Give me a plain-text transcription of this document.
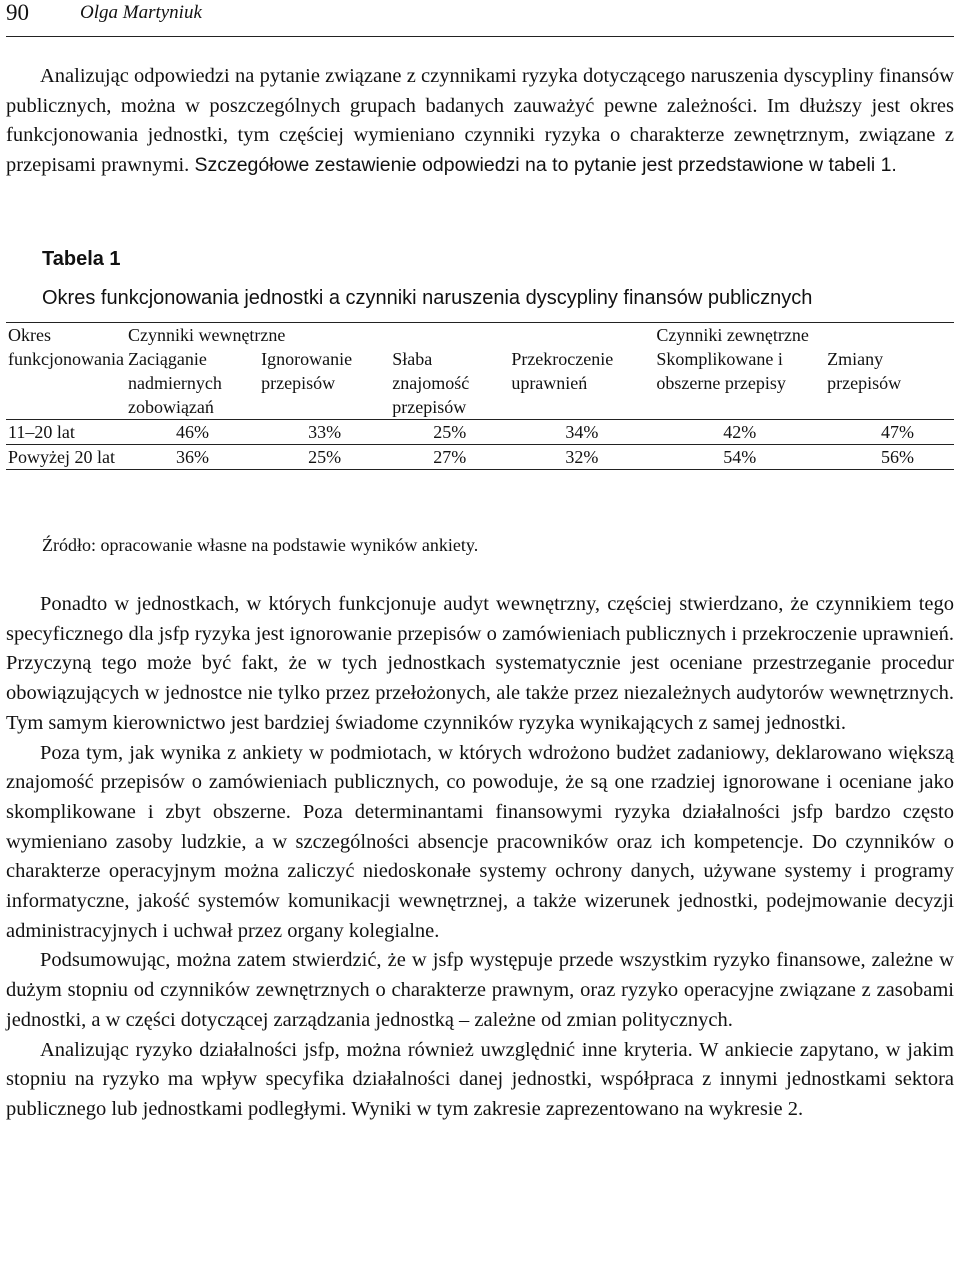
90	Olga Martyniuk

Analizując odpowiedzi na pytanie związane z czynnikami ryzyka dotyczącego naruszenia dyscypliny finansów publicznych, można w poszczególnych grupach badanych zauważyć pewne zależności. Im dłuższy jest okres funkcjonowania jednostki, tym częściej wymieniano czynniki ryzyka o charakterze zewnętrznym, związane z przepisami prawnymi. Szczegółowe zestawienie odpowiedzi na to pytanie jest przedstawione w tabeli 1.

Tabela 1
Okres funkcjonowania jednostki a czynniki naruszenia dyscypliny finansów publicznych
Okres funkcjonowania	Czynniki wewnętrzne				Czynniki zewnętrzne	
	Zaciąganie nadmiernych zobowiązań	Ignorowanie przepisów	Słaba znajomość przepisów	Przekroczenie uprawnień	Skomplikowane i obszerne przepisy	Zmiany przepisów
11–20 lat	46%	33%	25%	34%	42%	47%
Powyżej 20 lat	36%	25%	27%	32%	54%	56%
Źródło: opracowanie własne na podstawie wyników ankiety.

Ponadto w jednostkach, w których funkcjonuje audyt wewnętrzny, częściej stwierdzano, że czynnikiem tego specyficznego dla jsfp ryzyka jest ignorowanie przepisów o zamówieniach publicznych i przekroczenie uprawnień. Przyczyną tego może być fakt, że w tych jednostkach systematycznie jest oceniane przestrzeganie procedur obowiązujących w jednostce nie tylko przez przełożonych, ale także przez niezależnych audytorów wewnętrznych. Tym samym kierownictwo jest bardziej świadome czynników ryzyka wynikających z samej jednostki.

Poza tym, jak wynika z ankiety w podmiotach, w których wdrożono budżet zadaniowy, deklarowano większą znajomość przepisów o zamówieniach publicznych, co powoduje, że są one rzadziej ignorowane i oceniane jako skomplikowane i zbyt obszerne. Poza determinantami finansowymi ryzyka działalności jsfp bardzo często wymieniano zasoby ludzkie, a w szczególności absencje pracowników oraz ich kompetencje. Do czynników o charakterze operacyjnym można zaliczyć niedoskonałe systemy ochrony danych, używane systemy i programy informatyczne, jakość systemów komunikacji wewnętrznej, a także wizerunek jednostki, podejmowanie decyzji administracyjnych i uchwał przez organy kolegialne.

Podsumowując, można zatem stwierdzić, że w jsfp występuje przede wszystkim ryzyko finansowe, zależne w dużym stopniu od czynników zewnętrznych o charakterze prawnym, oraz ryzyko operacyjne związane z zasobami jednostki, a w części dotyczącej zarządzania jednostką – zależne od zmian politycznych.

Analizując ryzyko działalności jsfp, można również uwzględnić inne kryteria. W ankiecie zapytano, w jakim stopniu na ryzyko ma wpływ specyfika działalności danej jednostki, współpraca z innymi jednostkami sektora publicznego lub jednostkami podległymi. Wyniki w tym zakresie zaprezentowano na wykresie 2.
